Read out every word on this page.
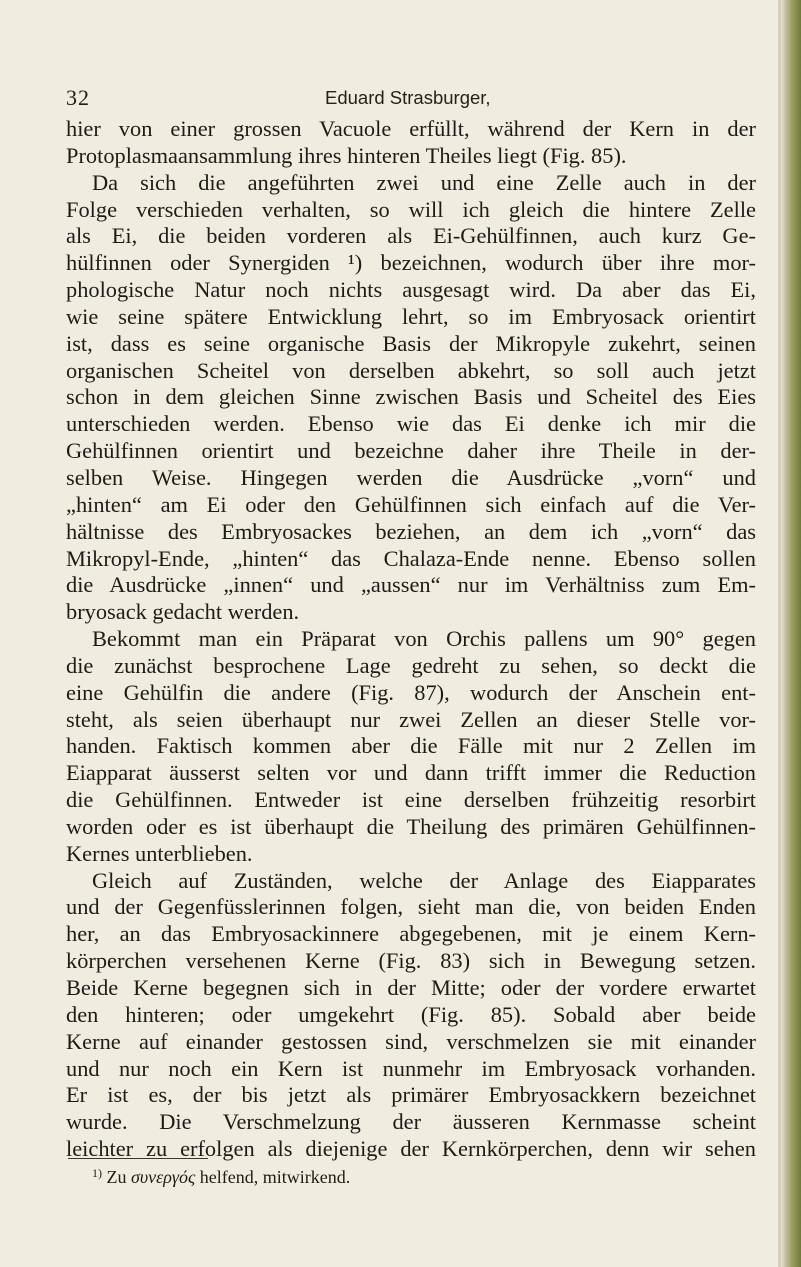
32	Eduard Strasburger,
hier von einer grossen Vacuole erfüllt, während der Kern in der
Protoplasmaansammlung ihres hinteren Theiles liegt (Fig. 85).
Da sich die angeführten zwei und eine Zelle auch in der
Folge verschieden verhalten, so will ich gleich die hintere Zelle
als Ei, die beiden vorderen als Ei-Gehülfinnen, auch kurz Ge-
hülfinnen oder Synergiden ¹) bezeichnen, wodurch über ihre mor-
phologische Natur noch nichts ausgesagt wird. Da aber das Ei,
wie seine spätere Entwicklung lehrt, so im Embryosack orientirt
ist, dass es seine organische Basis der Mikropyle zukehrt, seinen
organischen Scheitel von derselben abkehrt, so soll auch jetzt
schon in dem gleichen Sinne zwischen Basis und Scheitel des Eies
unterschieden werden. Ebenso wie das Ei denke ich mir die
Gehülfinnen orientirt und bezeichne daher ihre Theile in der-
selben Weise. Hingegen werden die Ausdrücke „vorn“ und
„hinten“ am Ei oder den Gehülfinnen sich einfach auf die Ver-
hältnisse des Embryosackes beziehen, an dem ich „vorn“ das
Mikropyl-Ende, „hinten“ das Chalaza-Ende nenne. Ebenso sollen
die Ausdrücke „innen“ und „aussen“ nur im Verhältniss zum Em-
bryosack gedacht werden.
Bekommt man ein Präparat von Orchis pallens um 90° gegen
die zunächst besprochene Lage gedreht zu sehen, so deckt die
eine Gehülfin die andere (Fig. 87), wodurch der Anschein ent-
steht, als seien überhaupt nur zwei Zellen an dieser Stelle vor-
handen. Faktisch kommen aber die Fälle mit nur 2 Zellen im
Eiapparat äusserst selten vor und dann trifft immer die Reduction
die Gehülfinnen. Entweder ist eine derselben frühzeitig resorbirt
worden oder es ist überhaupt die Theilung des primären Gehülfinnen-
Kernes unterblieben.
Gleich auf Zuständen, welche der Anlage des Eiapparates
und der Gegenfüsslerinnen folgen, sieht man die, von beiden Enden
her, an das Embryosackinnere abgegebenen, mit je einem Kern-
körperchen versehenen Kerne (Fig. 83) sich in Bewegung setzen.
Beide Kerne begegnen sich in der Mitte; oder der vordere erwartet
den hinteren; oder umgekehrt (Fig. 85). Sobald aber beide
Kerne auf einander gestossen sind, verschmelzen sie mit einander
und nur noch ein Kern ist nunmehr im Embryosack vorhanden.
Er ist es, der bis jetzt als primärer Embryosackkern bezeichnet
wurde. Die Verschmelzung der äusseren Kernmasse scheint
leichter zu erfolgen als diejenige der Kernkörperchen, denn wir sehen
$^{1)}$ Zu συνεργός helfend, mitwirkend.
